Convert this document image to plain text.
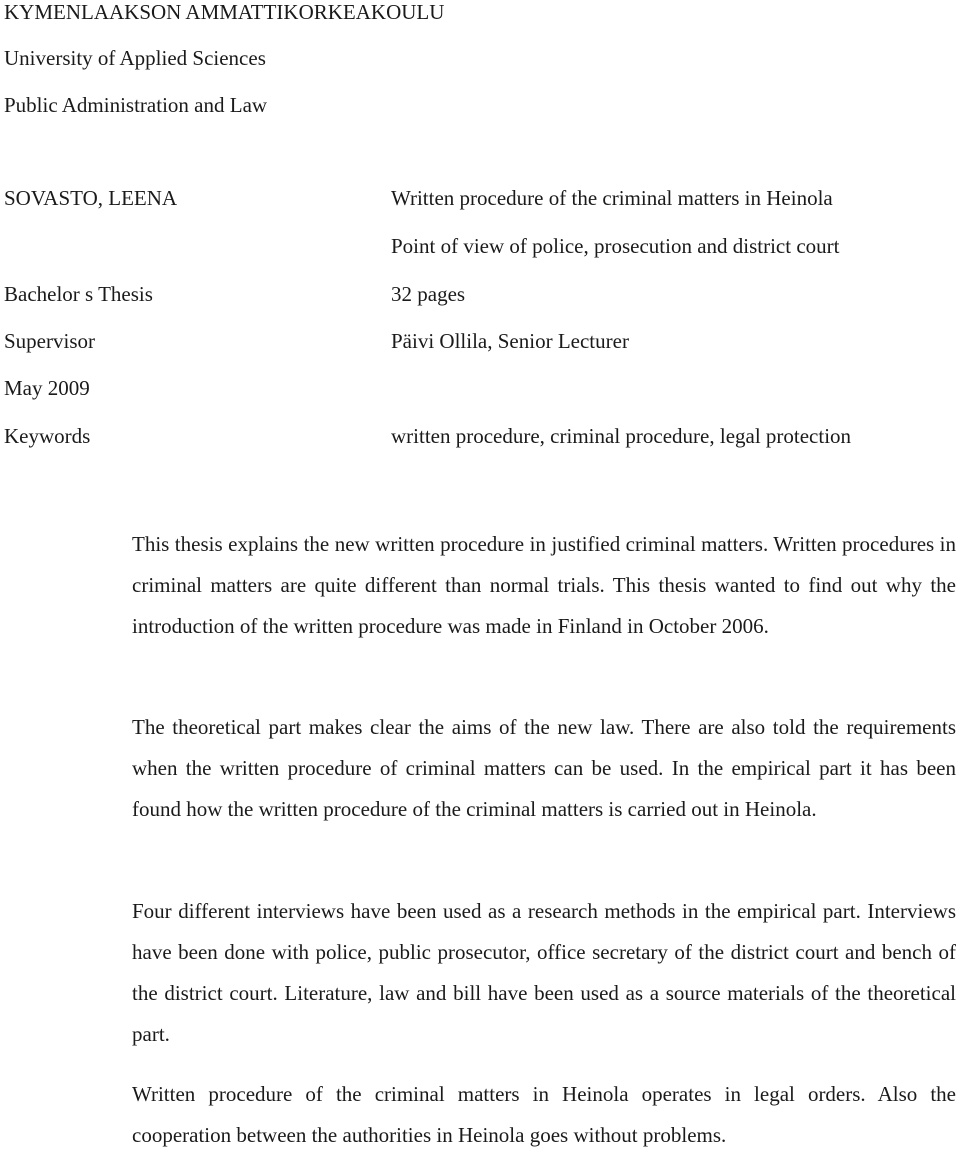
KYMENLAAKSON AMMATTIKORKEAKOULU
University of Applied Sciences
Public Administration and Law
SOVASTO, LEENA	Written procedure of the criminal matters in Heinola
Point of view of police, prosecution and district court
Bachelor s Thesis	32 pages
Supervisor	Päivi Ollila, Senior Lecturer
May 2009
Keywords	written procedure, criminal procedure, legal protection

This thesis explains the new written procedure in justified criminal matters. Written procedures in criminal matters are quite different than normal trials. This thesis wanted to find out why the introduction of the written procedure was made in Finland in October 2006.

The theoretical part makes clear the aims of the new law. There are also told the requirements when the written procedure of criminal matters can be used. In the empirical part it has been found how the written procedure of the criminal matters is carried out in Heinola.

Four different interviews have been used as a research methods in the empirical part. Interviews have been done with police, public prosecutor, office secretary of the district court and bench of the district court. Literature, law and bill have been used as a source materials of the theoretical part.

Written procedure of the criminal matters in Heinola operates in legal orders. Also the cooperation between the authorities in Heinola goes without problems.
